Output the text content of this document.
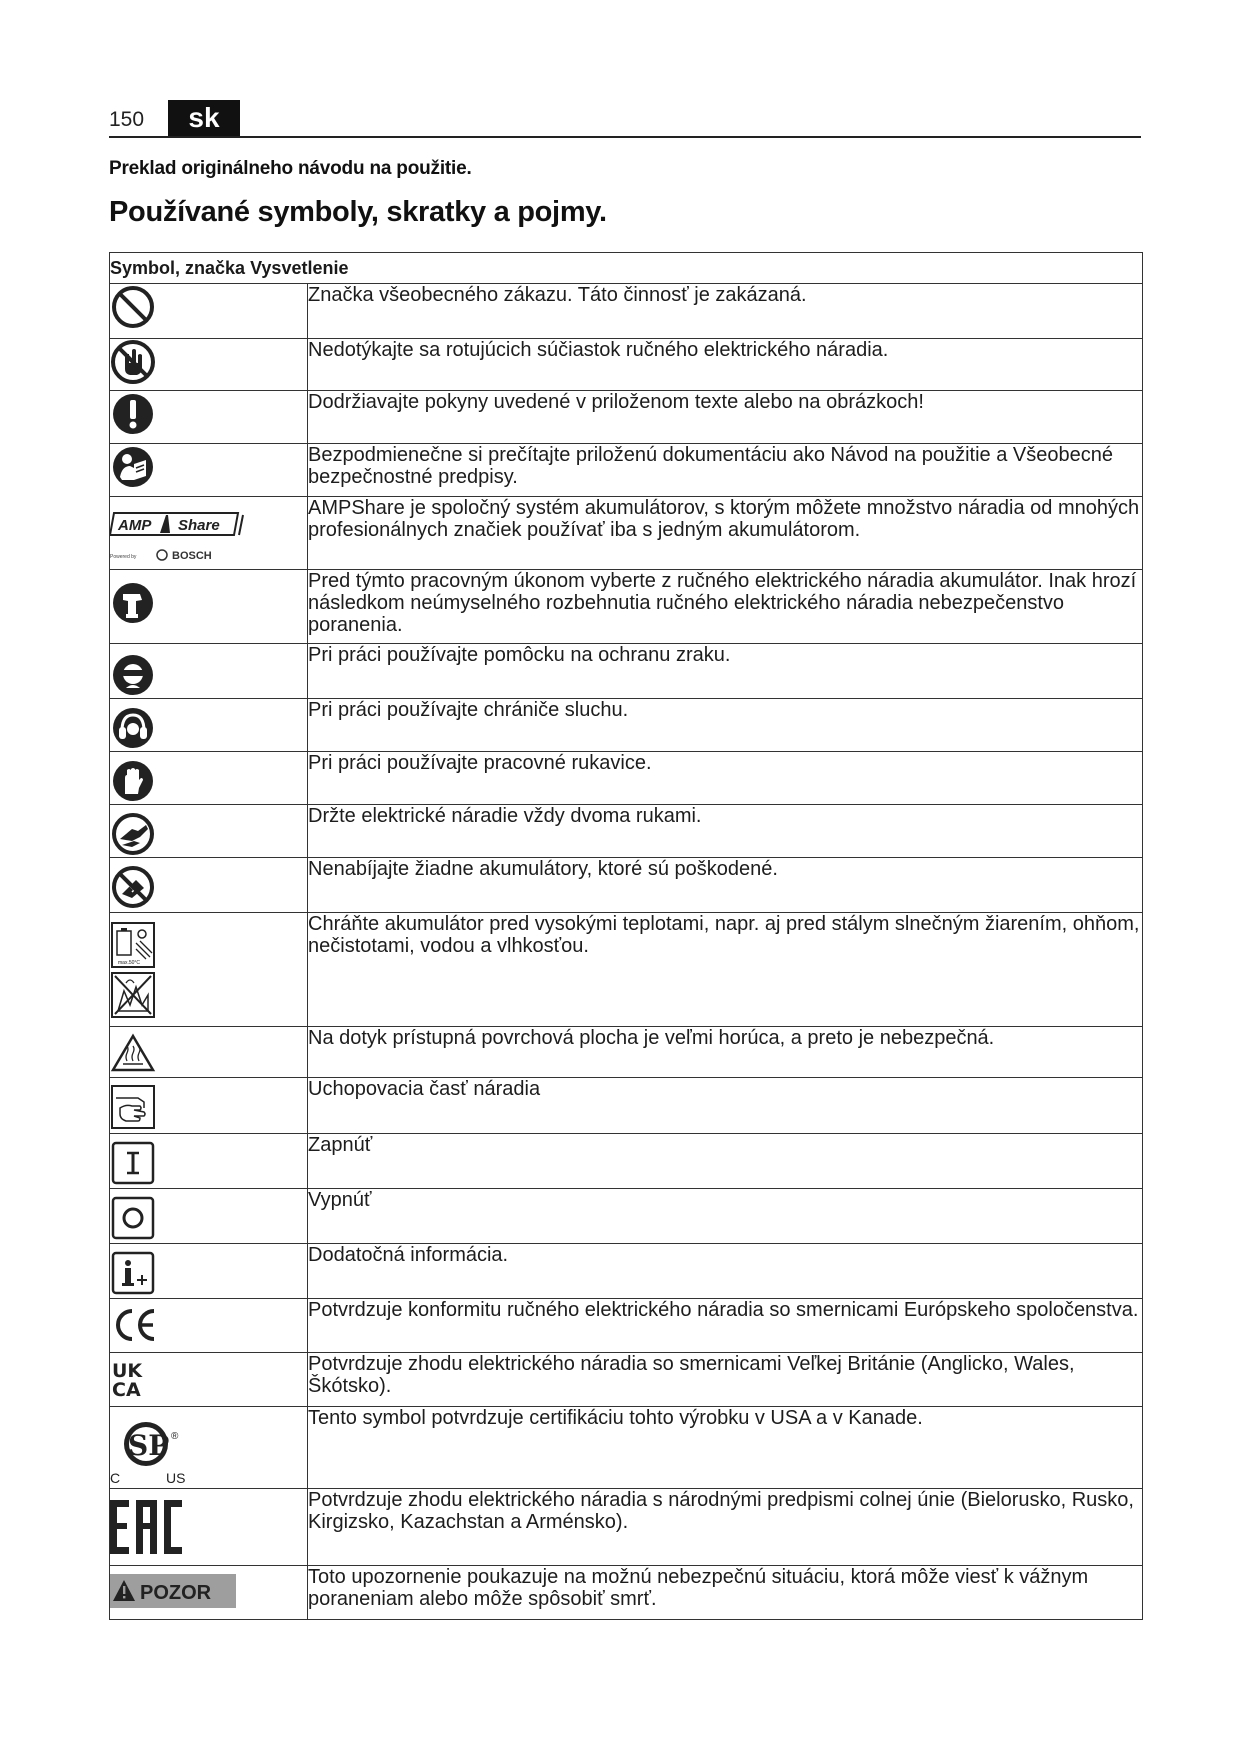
150	sk
Preklad originálneho návodu na použitie.
Používané symboly, skratky a pojmy.
Symbol, značka Vysvetlenie	

	Značka všeobecného zákazu. Táto činnosť je zakázaná.

	Nedotýkajte sa rotujúcich súčiastok ručného elektrického náradia.

	Dodržiavajte pokyny uvedené v priloženom texte alebo na obrázkoch!

	Bezpodmienečne si prečítajte priloženú dokumentáciu ako Návod na použitie a Všeobecné bezpečnostné predpisy.

AMP Share
Powered by BOSCH	AMPShare je spoločný systém akumulátorov, s ktorým môžete množstvo náradia od mnohých profesionálnych značiek používať iba s jedným akumulátorom.

	Pred týmto pracovným úkonom vyberte z ručného elektrického náradia akumulátor. Inak hrozí následkom neúmyselného rozbehnutia ručného elektrického náradia nebezpečenstvo poranenia.

	Pri práci používajte pomôcku na ochranu zraku.

	Pri práci používajte chrániče sluchu.

	Pri práci používajte pracovné rukavice.

	Držte elektrické náradie vždy dvoma rukami.

	Nenabíjajte žiadne akumulátory, ktoré sú poškodené.

max.50°C	Chráňte akumulátor pred vysokými teplotami, napr. aj pred stálym slnečným žiarením, ohňom, nečistotami, vodou a vlhkosťou.

	Na dotyk prístupná povrchová plocha je veľmi horúca, a preto je nebezpečná.

	Uchopovacia časť náradia

	Zapnúť

	Vypnúť

	Dodatočná informácia.

	Potvrdzuje konformitu ručného elektrického náradia so smernicami Európskeho spoločenstva.

UK
CA	Potvrdzuje zhodu elektrického náradia so smernicami Veľkej Británie (Anglicko, Wales, Škótsko).

SP ®
C US	Tento symbol potvrdzuje certifikáciu tohto výrobku v USA a v Kanade.

	Potvrdzuje zhodu elektrického náradia s národnými predpismi colnej únie (Bielorusko, Rusko, Kirgizsko, Kazachstan a Arménsko).

POZOR	Toto upozornenie poukazuje na možnú nebezpečnú situáciu, ktorá môže viesť k vážnym poraneniam alebo môže spôsobiť smrť.
